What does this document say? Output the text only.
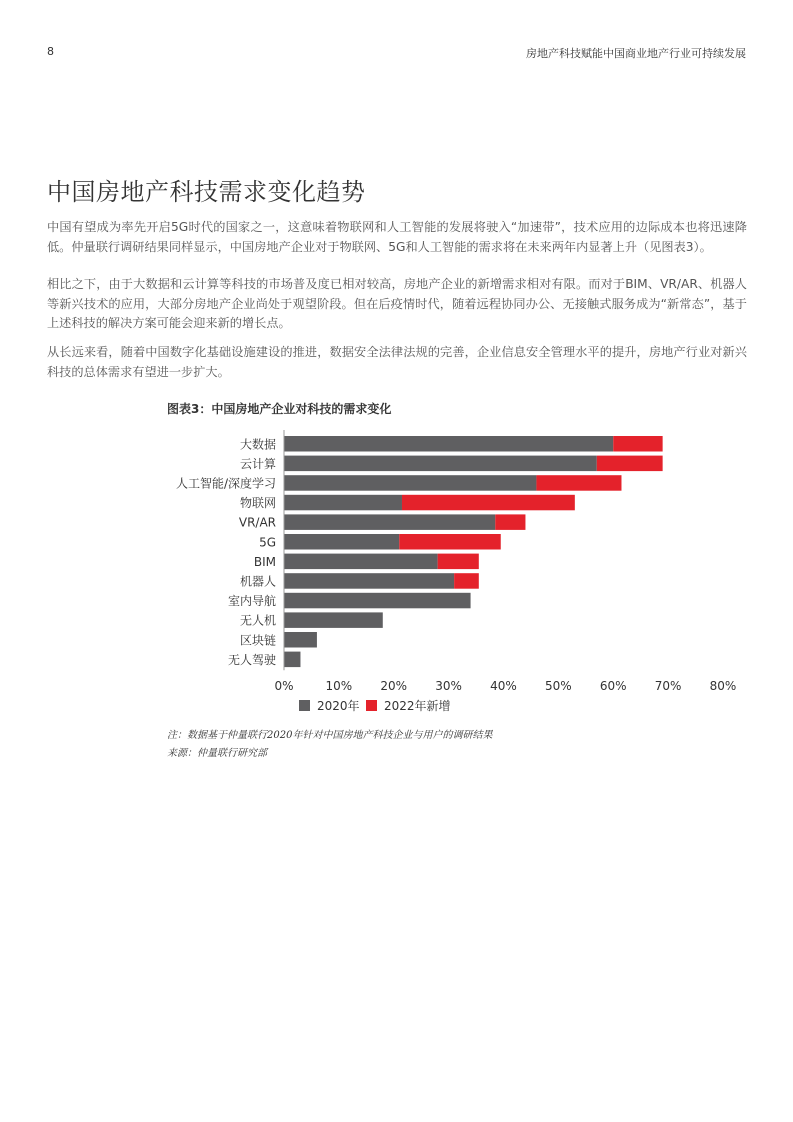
8	房地产科技赋能中国商业地产行业可持续发展
中国房地产科技需求变化趋势

中国有望成为率先开启5G时代的国家之一，这意味着物联网和人工智能的发展将驶入“加速带”，技术应用的边际成本也将迅速降低。仲量联行调研结果同样显示，中国房地产企业对于物联网、5G和人工智能的需求将在未来两年内显著上升（见图表3）。

相比之下，由于大数据和云计算等科技的市场普及度已相对较高，房地产企业的新增需求相对有限。而对于BIM、VR/AR、机器人等新兴技术的应用，大部分房地产企业尚处于观望阶段。但在后疫情时代，随着远程协同办公、无接触式服务成为“新常态”，基于上述科技的解决方案可能会迎来新的增长点。

从长远来看，随着中国数字化基础设施建设的推进，数据安全法律法规的完善，企业信息安全管理水平的提升，房地产行业对新兴科技的总体需求有望进一步扩大。

图表3：中国房地产企业对科技的需求变化
大数据
云计算
人工智能/深度学习
物联网
VR/AR
5G
BIM
机器人
室内导航
无人机
区块链
无人驾驶
0%	10% 20% 30% 40% 50% 60% 70% 80%
2020年 2022年新增
注：数据基于仲量联行2020年针对中国房地产科技企业与用户的调研结果
来源：仲量联行研究部
